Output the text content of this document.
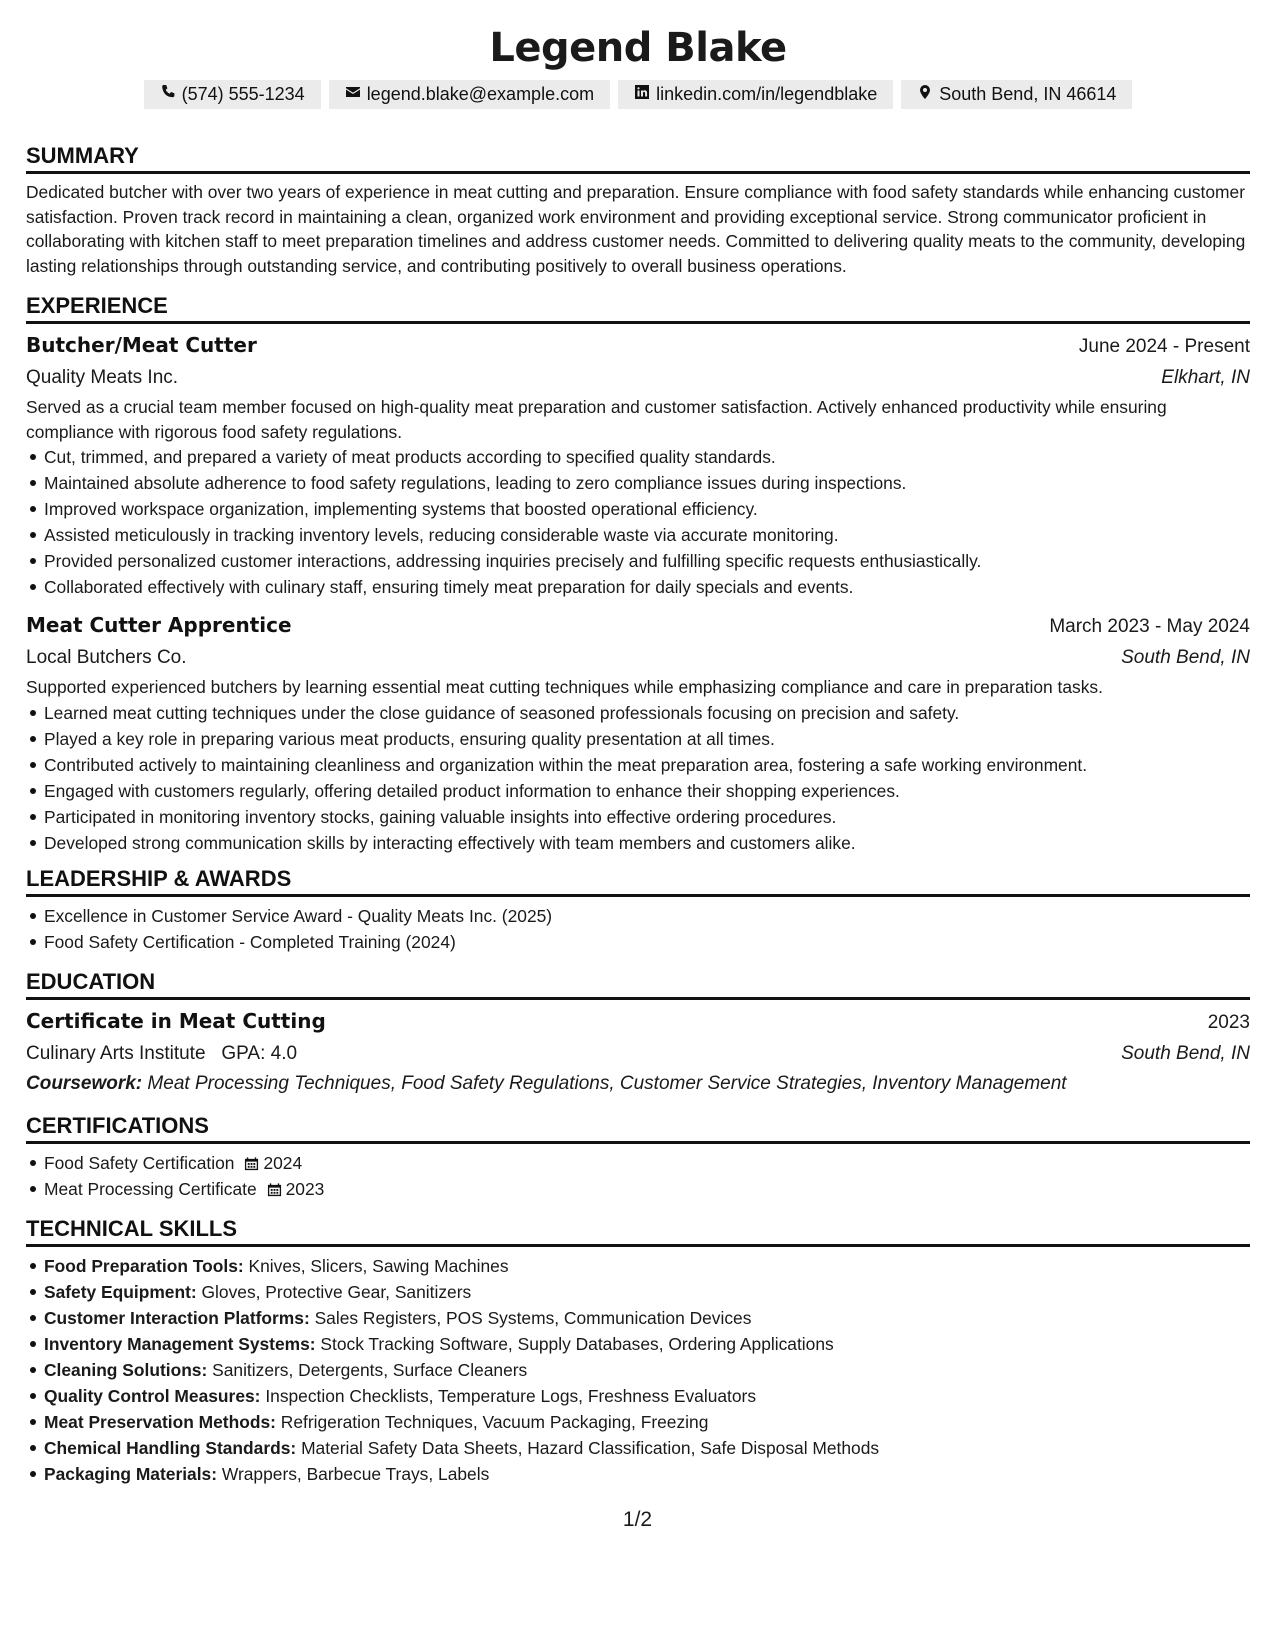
Legend Blake
(574) 555-1234	legend.blake@example.com	linkedin.com/in/legendblake	South Bend, IN 46614
SUMMARY

Dedicated butcher with over two years of experience in meat cutting and preparation. Ensure compliance with food safety standards while enhancing customer satisfaction. Proven track record in maintaining a clean, organized work environment and providing exceptional service. Strong communicator proficient in collaborating with kitchen staff to meet preparation timelines and address customer needs. Committed to delivering quality meats to the community, developing lasting relationships through outstanding service, and contributing positively to overall business operations.

EXPERIENCE
Butcher/Meat Cutter	June 2024 - Present
Quality Meats Inc.	Elkhart, IN

Served as a crucial team member focused on high-quality meat preparation and customer satisfaction. Actively enhanced productivity while ensuring compliance with rigorous food safety regulations.

Cut, trimmed, and prepared a variety of meat products according to specified quality standards.
Maintained absolute adherence to food safety regulations, leading to zero compliance issues during inspections.
Improved workspace organization, implementing systems that boosted operational efficiency.
Assisted meticulously in tracking inventory levels, reducing considerable waste via accurate monitoring.
Provided personalized customer interactions, addressing inquiries precisely and fulfilling specific requests enthusiastically.
Collaborated effectively with culinary staff, ensuring timely meat preparation for daily specials and events.
Meat Cutter Apprentice	March 2023 - May 2024
Local Butchers Co.	South Bend, IN

Supported experienced butchers by learning essential meat cutting techniques while emphasizing compliance and care in preparation tasks.

Learned meat cutting techniques under the close guidance of seasoned professionals focusing on precision and safety.
Played a key role in preparing various meat products, ensuring quality presentation at all times.
Contributed actively to maintaining cleanliness and organization within the meat preparation area, fostering a safe working environment.
Engaged with customers regularly, offering detailed product information to enhance their shopping experiences.
Participated in monitoring inventory stocks, gaining valuable insights into effective ordering procedures.
Developed strong communication skills by interacting effectively with team members and customers alike.
LEADERSHIP & AWARDS
Excellence in Customer Service Award - Quality Meats Inc. (2025)
Food Safety Certification - Completed Training (2024)
EDUCATION
Certificate in Meat Cutting	2023
Culinary Arts Institute GPA: 4.0	South Bend, IN
Coursework: Meat Processing Techniques, Food Safety Regulations, Customer Service Strategies, Inventory Management
CERTIFICATIONS
Food Safety Certification 2024
Meat Processing Certificate 2023
TECHNICAL SKILLS
Food Preparation Tools: Knives, Slicers, Sawing Machines
Safety Equipment: Gloves, Protective Gear, Sanitizers
Customer Interaction Platforms: Sales Registers, POS Systems, Communication Devices
Inventory Management Systems: Stock Tracking Software, Supply Databases, Ordering Applications
Cleaning Solutions: Sanitizers, Detergents, Surface Cleaners
Quality Control Measures: Inspection Checklists, Temperature Logs, Freshness Evaluators
Meat Preservation Methods: Refrigeration Techniques, Vacuum Packaging, Freezing
Chemical Handling Standards: Material Safety Data Sheets, Hazard Classification, Safe Disposal Methods
Packaging Materials: Wrappers, Barbecue Trays, Labels
1/2
